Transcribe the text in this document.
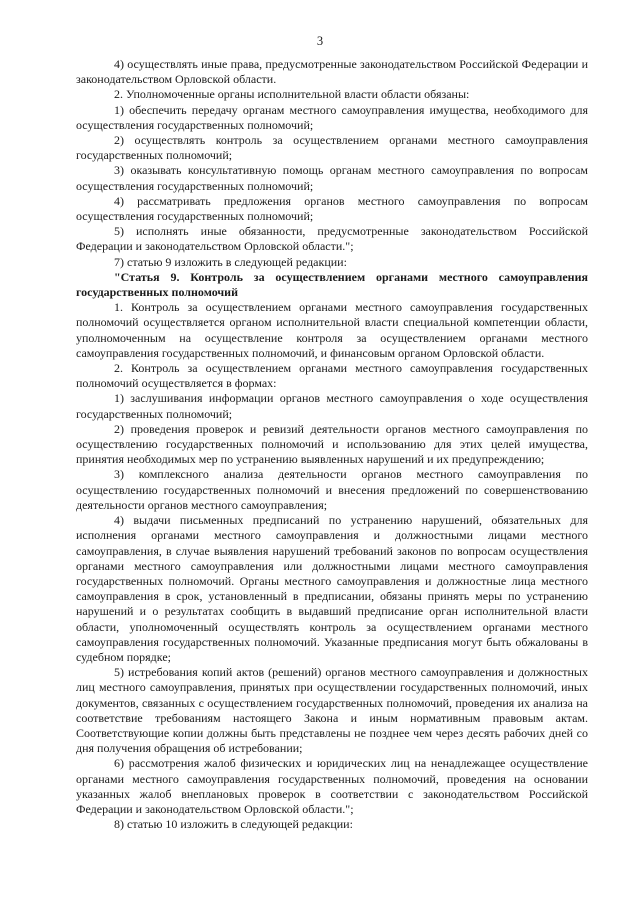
3

4) осуществлять иные права, предусмотренные законодательством Российской Федерации и законодательством Орловской области.

2. Уполномоченные органы исполнительной власти области обязаны:

1) обеспечить передачу органам местного самоуправления имущества, необходимого для осуществления государственных полномочий;

2) осуществлять контроль за осуществлением органами местного самоуправления государственных полномочий;

3) оказывать консультативную помощь органам местного самоуправления по вопросам осуществления государственных полномочий;

4) рассматривать предложения органов местного самоуправления по вопросам осуществления государственных полномочий;

5) исполнять иные обязанности, предусмотренные законодательством Российской Федерации и законодательством Орловской области.";

7) статью 9 изложить в следующей редакции:

"Статья 9. Контроль за осуществлением органами местного самоуправления государственных полномочий

1. Контроль за осуществлением органами местного самоуправления государственных полномочий осуществляется органом исполнительной власти специальной компетенции области, уполномоченным на осуществление контроля за осуществлением органами местного самоуправления государственных полномочий, и финансовым органом Орловской области.

2. Контроль за осуществлением органами местного самоуправления государственных полномочий осуществляется в формах:

1) заслушивания информации органов местного самоуправления о ходе осуществления государственных полномочий;

2) проведения проверок и ревизий деятельности органов местного самоуправления по осуществлению государственных полномочий и использованию для этих целей имущества, принятия необходимых мер по устранению выявленных нарушений и их предупреждению;

3) комплексного анализа деятельности органов местного самоуправления по осуществлению государственных полномочий и внесения предложений по совершенствованию деятельности органов местного самоуправления;

4) выдачи письменных предписаний по устранению нарушений, обязательных для исполнения органами местного самоуправления и должностными лицами местного самоуправления, в случае выявления нарушений требований законов по вопросам осуществления органами местного самоуправления или должностными лицами местного самоуправления государственных полномочий. Органы местного самоуправления и должностные лица местного самоуправления в срок, установленный в предписании, обязаны принять меры по устранению нарушений и о результатах сообщить в выдавший предписание орган исполнительной власти области, уполномоченный осуществлять контроль за осуществлением органами местного самоуправления государственных полномочий. Указанные предписания могут быть обжалованы в судебном порядке;

5) истребования копий актов (решений) органов местного самоуправления и должностных лиц местного самоуправления, принятых при осуществлении государственных полномочий, иных документов, связанных с осуществлением государственных полномочий, проведения их анализа на соответствие требованиям настоящего Закона и иным нормативным правовым актам. Соответствующие копии должны быть представлены не позднее чем через десять рабочих дней со дня получения обращения об истребовании;

6) рассмотрения жалоб физических и юридических лиц на ненадлежащее осуществление органами местного самоуправления государственных полномочий, проведения на основании указанных жалоб внеплановых проверок в соответствии с законодательством Российской Федерации и законодательством Орловской области.";

8) статью 10 изложить в следующей редакции:
